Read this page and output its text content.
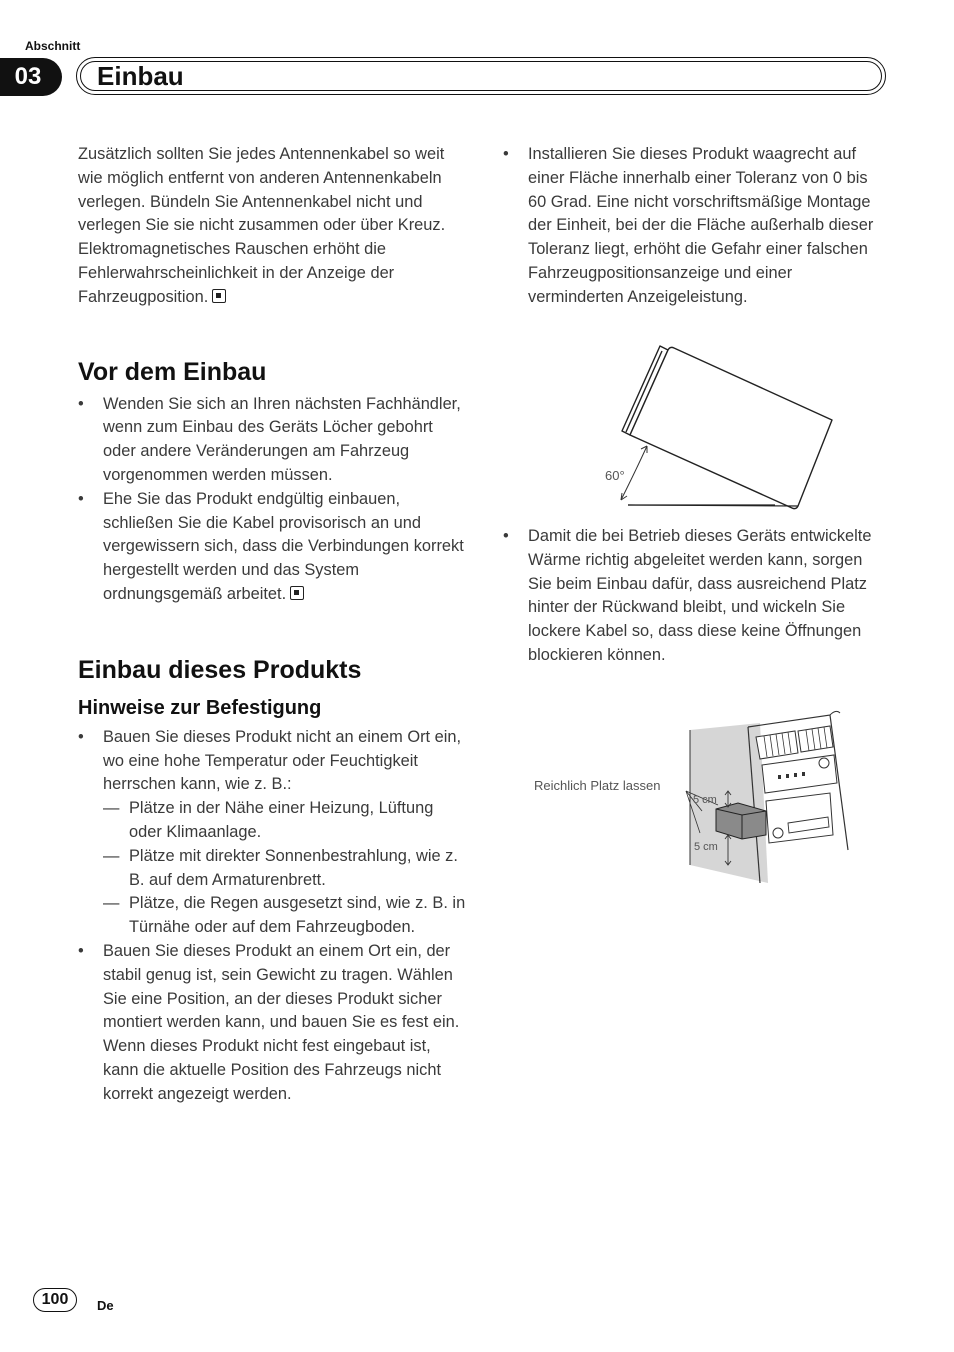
Abschnitt
03	Einbau

Zusätzlich sollten Sie jedes Antennenkabel so weit wie möglich entfernt von anderen Antennenkabeln verlegen. Bündeln Sie Antennenkabel nicht und verlegen Sie sie nicht zusammen oder über Kreuz. Elektromagnetisches Rauschen erhöht die Fehlerwahrscheinlichkeit in der Anzeige der Fahrzeugposition.

Vor dem Einbau

• Wenden Sie sich an Ihren nächsten Fachhändler, wenn zum Einbau des Geräts Löcher gebohrt oder andere Veränderungen am Fahrzeug vorgenommen werden müssen.

• Ehe Sie das Produkt endgültig einbauen, schließen Sie die Kabel provisorisch an und vergewissern sich, dass die Verbindungen korrekt hergestellt werden und das System ordnungsgemäß arbeitet.

Einbau dieses Produkts
Hinweise zur Befestigung

• Bauen Sie dieses Produkt nicht an einem Ort ein, wo eine hohe Temperatur oder Feuchtigkeit herrschen kann, wie z. B.:

— Plätze in der Nähe einer Heizung, Lüftung oder Klimaanlage.

— Plätze mit direkter Sonnenbestrahlung, wie z. B. auf dem Armaturenbrett.

— Plätze, die Regen ausgesetzt sind, wie z. B. in Türnähe oder auf dem Fahrzeugboden.

• Bauen Sie dieses Produkt an einem Ort ein, der stabil genug ist, sein Gewicht zu tragen. Wählen Sie eine Position, an der dieses Produkt sicher montiert werden kann, und bauen Sie es fest ein. Wenn dieses Produkt nicht fest eingebaut ist, kann die aktuelle Position des Fahrzeugs nicht korrekt angezeigt werden.

• Installieren Sie dieses Produkt waagrecht auf einer Fläche innerhalb einer Toleranz von 0 bis 60 Grad. Eine nicht vorschriftsmäßige Montage der Einheit, bei der die Fläche außerhalb dieser Toleranz liegt, erhöht die Gefahr einer falschen Fahrzeugpositionsanzeige und einer verminderten Anzeigeleistung.

60°

• Damit die bei Betrieb dieses Geräts entwickelte Wärme richtig abgeleitet werden kann, sorgen Sie beim Einbau dafür, dass ausreichend Platz hinter der Rückwand bleibt, und wickeln Sie lockere Kabel so, dass diese keine Öffnungen blockieren können.

Reichlich Platz lassen
5 cm
5 cm
100	De
